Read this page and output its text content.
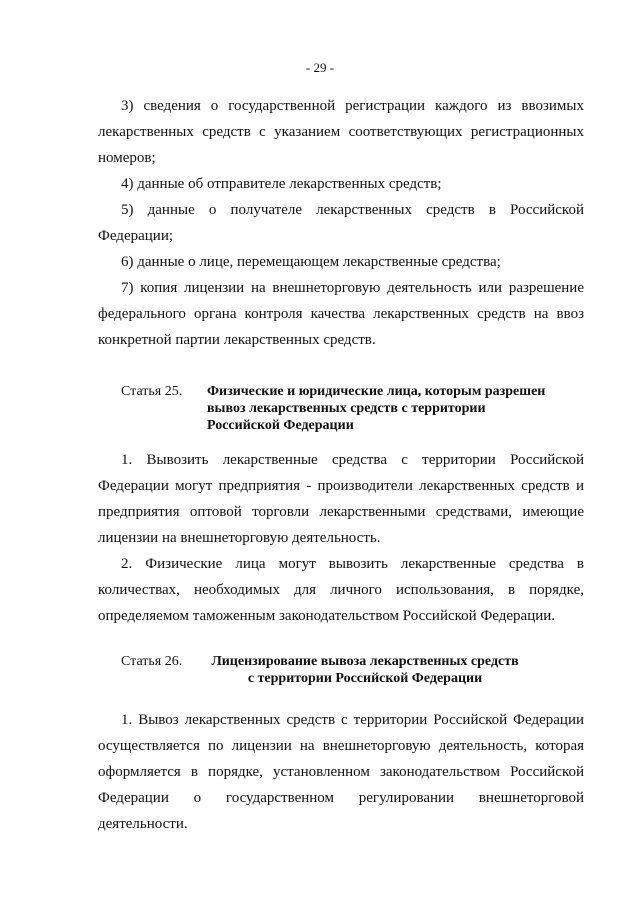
- 29 -

3) сведения о государственной регистрации каждого из ввозимых лекарственных средств с указанием соответствующих регистрационных номеров;

4) данные об отправителе лекарственных средств;

5) данные о получателе лекарственных средств в Российской Федерации;

6) данные о лице, перемещающем лекарственные средства;

7) копия лицензии на внешнеторговую деятельность или разрешение федерального органа контроля качества лекарственных средств на ввоз конкретной партии лекарственных средств.

Статья 25.	Физические и юридические лица, которым разрешен вывоз лекарственных средств с территории Российской Федерации

1. Вывозить лекарственные средства с территории Российской Федерации могут предприятия - производители лекарственных средств и предприятия оптовой торговли лекарственными средствами, имеющие лицензии на внешнеторговую деятельность.

2. Физические лица могут вывозить лекарственные средства в количествах, необходимых для личного использования, в порядке, определяемом таможенным законодательством Российской Федерации.

Статья 26.	Лицензирование вывоза лекарственных средств с территории Российской Федерации

1. Вывоз лекарственных средств с территории Российской Федерации осуществляется по лицензии на внешнеторговую деятельность, которая оформляется в порядке, установленном законодательством Российской Федерации о государственном регулировании внешнеторговой деятельности.
